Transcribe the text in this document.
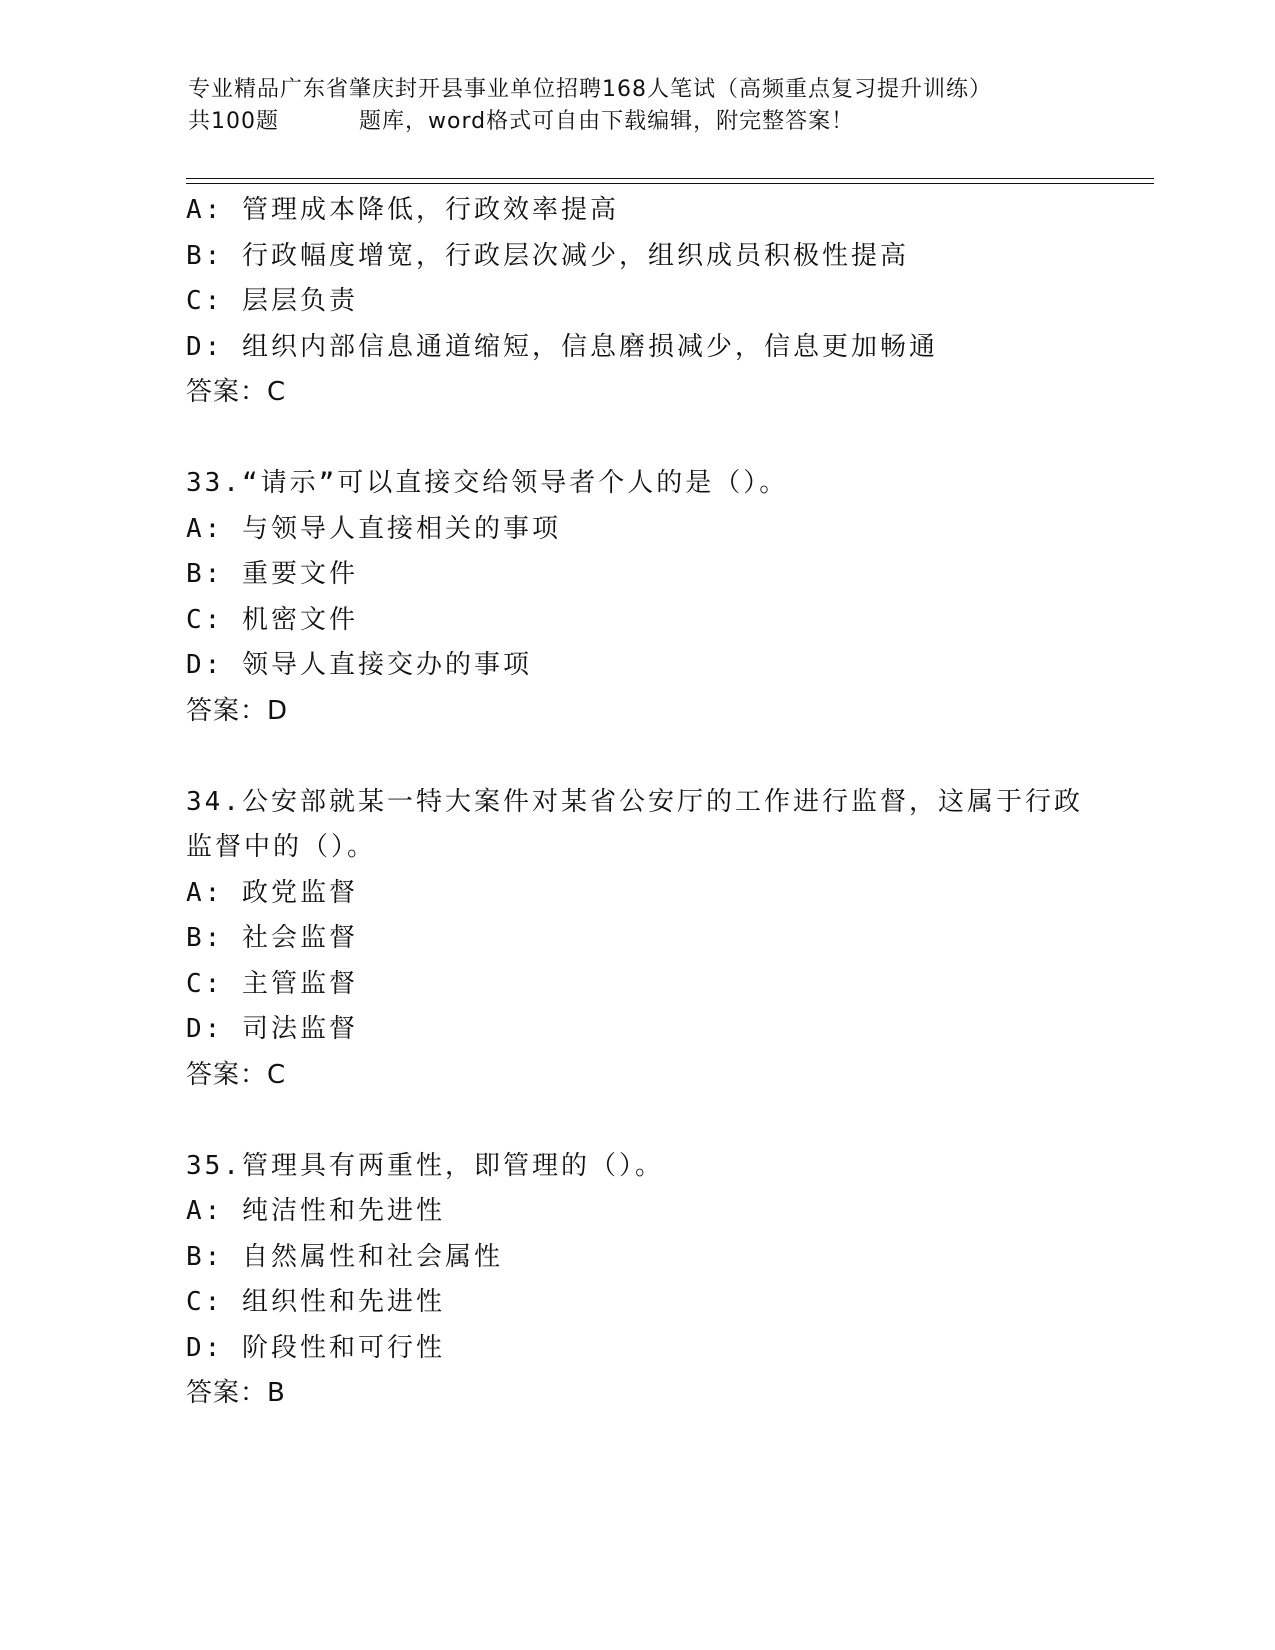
专业精品广东省肇庆封开县事业单位招聘168人笔试（高频重点复习提升训练）
共100题	题库，word格式可自由下载编辑，附完整答案！
A: 管理成本降低，行政效率提高
B: 行政幅度增宽，行政层次减少，组织成员积极性提高
C: 层层负责
D: 组织内部信息通道缩短，信息磨损减少，信息更加畅通
答案：C
33.“请示”可以直接交给领导者个人的是（）。
A: 与领导人直接相关的事项
B: 重要文件
C: 机密文件
D: 领导人直接交办的事项
答案：D
34.公安部就某一特大案件对某省公安厅的工作进行监督，这属于行政
监督中的（）。
A: 政党监督
B: 社会监督
C: 主管监督
D: 司法监督
答案：C
35.管理具有两重性，即管理的（）。
A: 纯洁性和先进性
B: 自然属性和社会属性
C: 组织性和先进性
D: 阶段性和可行性
答案：B
